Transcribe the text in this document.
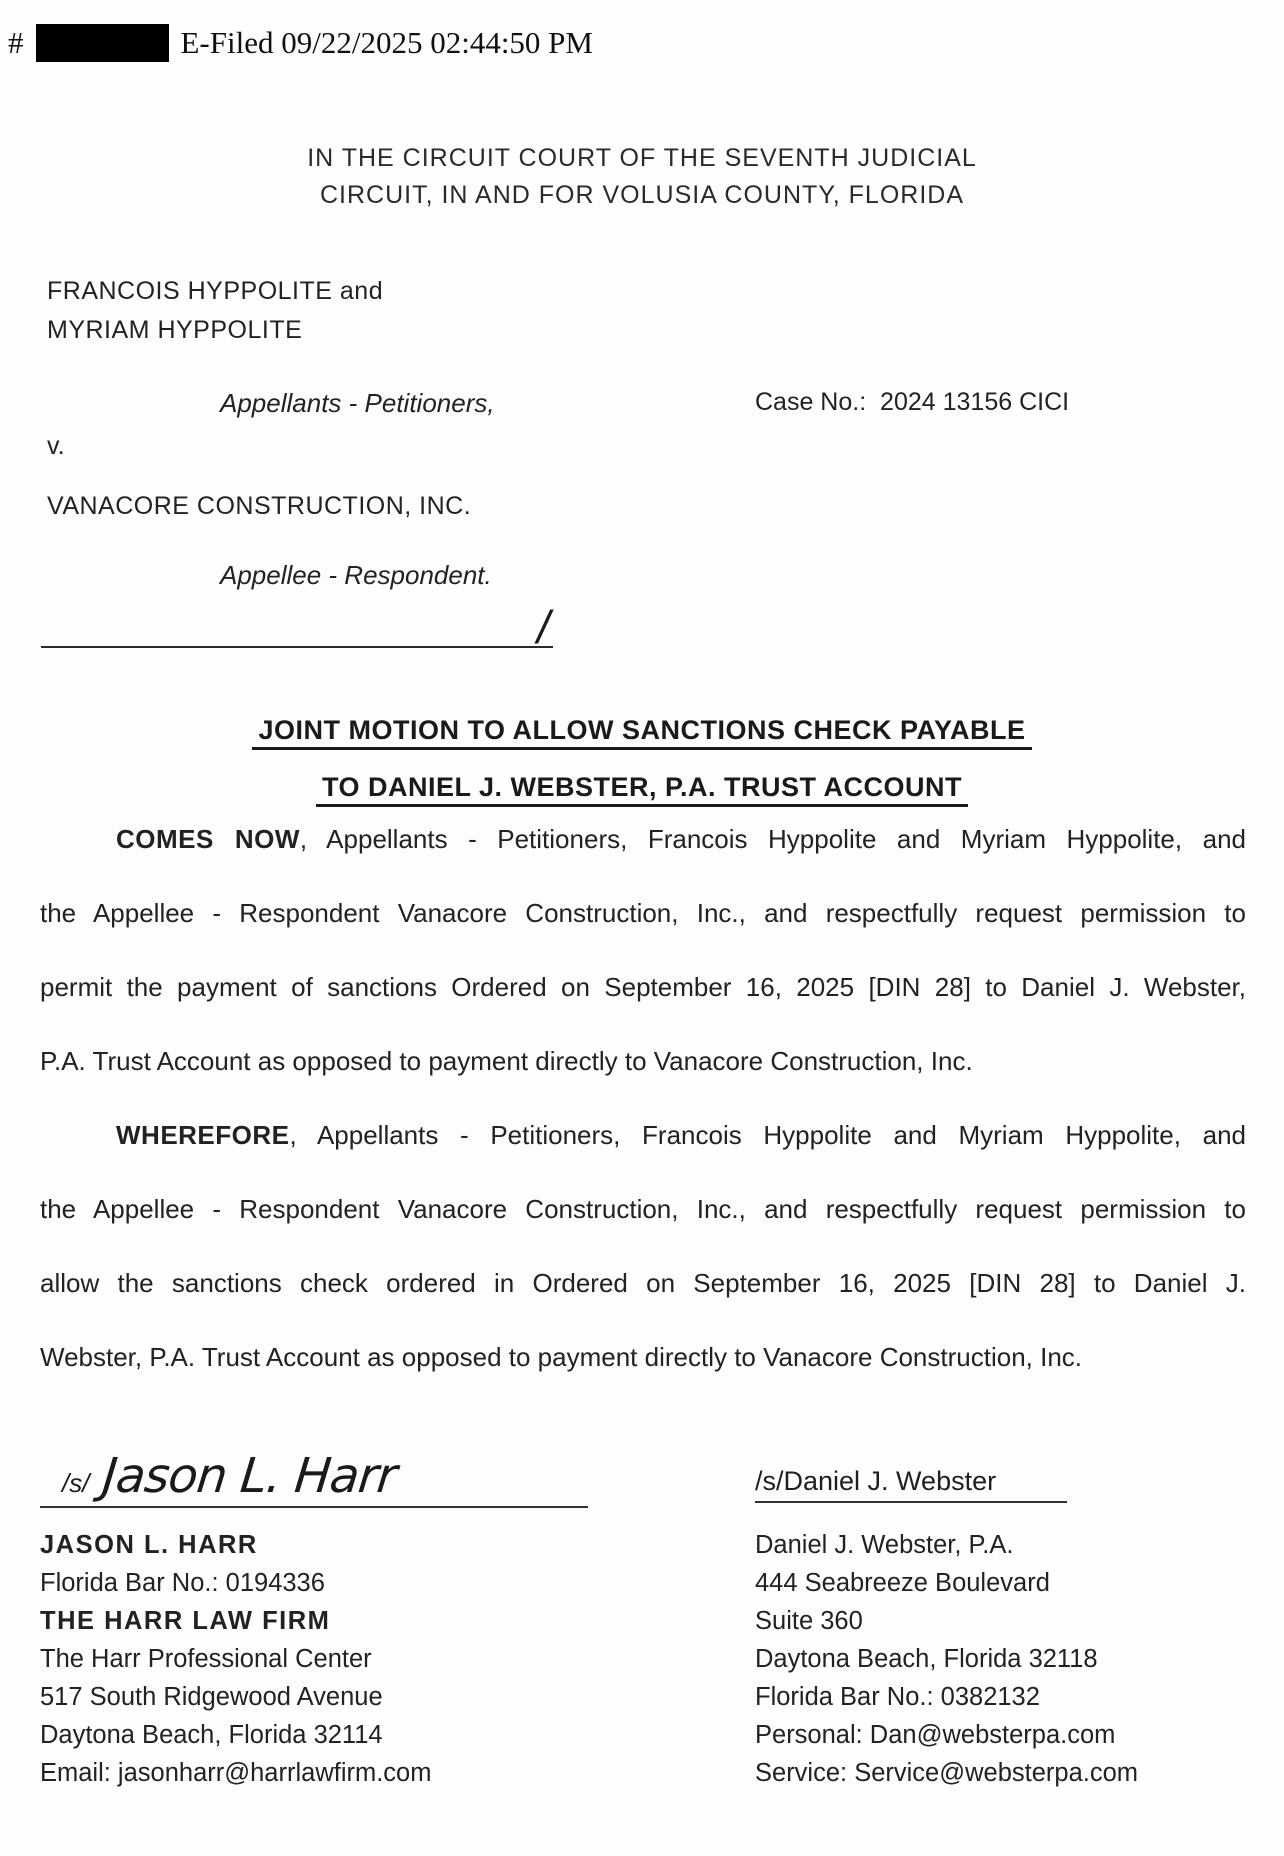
#	E-Filed 09/22/2025 02:44:50 PM
IN THE CIRCUIT COURT OF THE SEVENTH JUDICIAL
CIRCUIT, IN AND FOR VOLUSIA COUNTY, FLORIDA
FRANCOIS HYPPOLITE and
MYRIAM HYPPOLITE
Appellants - Petitioners,	Case No.:  2024 13156 CICI
v.
VANACORE CONSTRUCTION, INC.
Appellee - Respondent.
/
JOINT MOTION TO ALLOW SANCTIONS CHECK PAYABLE
TO DANIEL J. WEBSTER, P.A. TRUST ACCOUNT
COMES NOW, Appellants - Petitioners, Francois Hyppolite and Myriam Hyppolite, and
the Appellee - Respondent Vanacore Construction, Inc., and respectfully request permission to
permit the payment of sanctions Ordered on September 16, 2025 [DIN 28] to Daniel J. Webster,
P.A. Trust Account as opposed to payment directly to Vanacore Construction, Inc.
WHEREFORE, Appellants - Petitioners, Francois Hyppolite and Myriam Hyppolite, and
the Appellee - Respondent Vanacore Construction, Inc., and respectfully request permission to
allow the sanctions check ordered in Ordered on September 16, 2025 [DIN 28] to Daniel J.
Webster, P.A. Trust Account as opposed to payment directly to Vanacore Construction, Inc.
/s/ Jason L. Harr	/s/Daniel J. Webster
JASON L. HARR
Florida Bar No.: 0194336
THE HARR LAW FIRM
The Harr Professional Center
517 South Ridgewood Avenue
Daytona Beach, Florida 32114
Email: jasonharr@harrlawfirm.com
Daniel J. Webster, P.A.
444 Seabreeze Boulevard
Suite 360
Daytona Beach, Florida 32118
Florida Bar No.: 0382132
Personal: Dan@websterpa.com
Service: Service@websterpa.com
